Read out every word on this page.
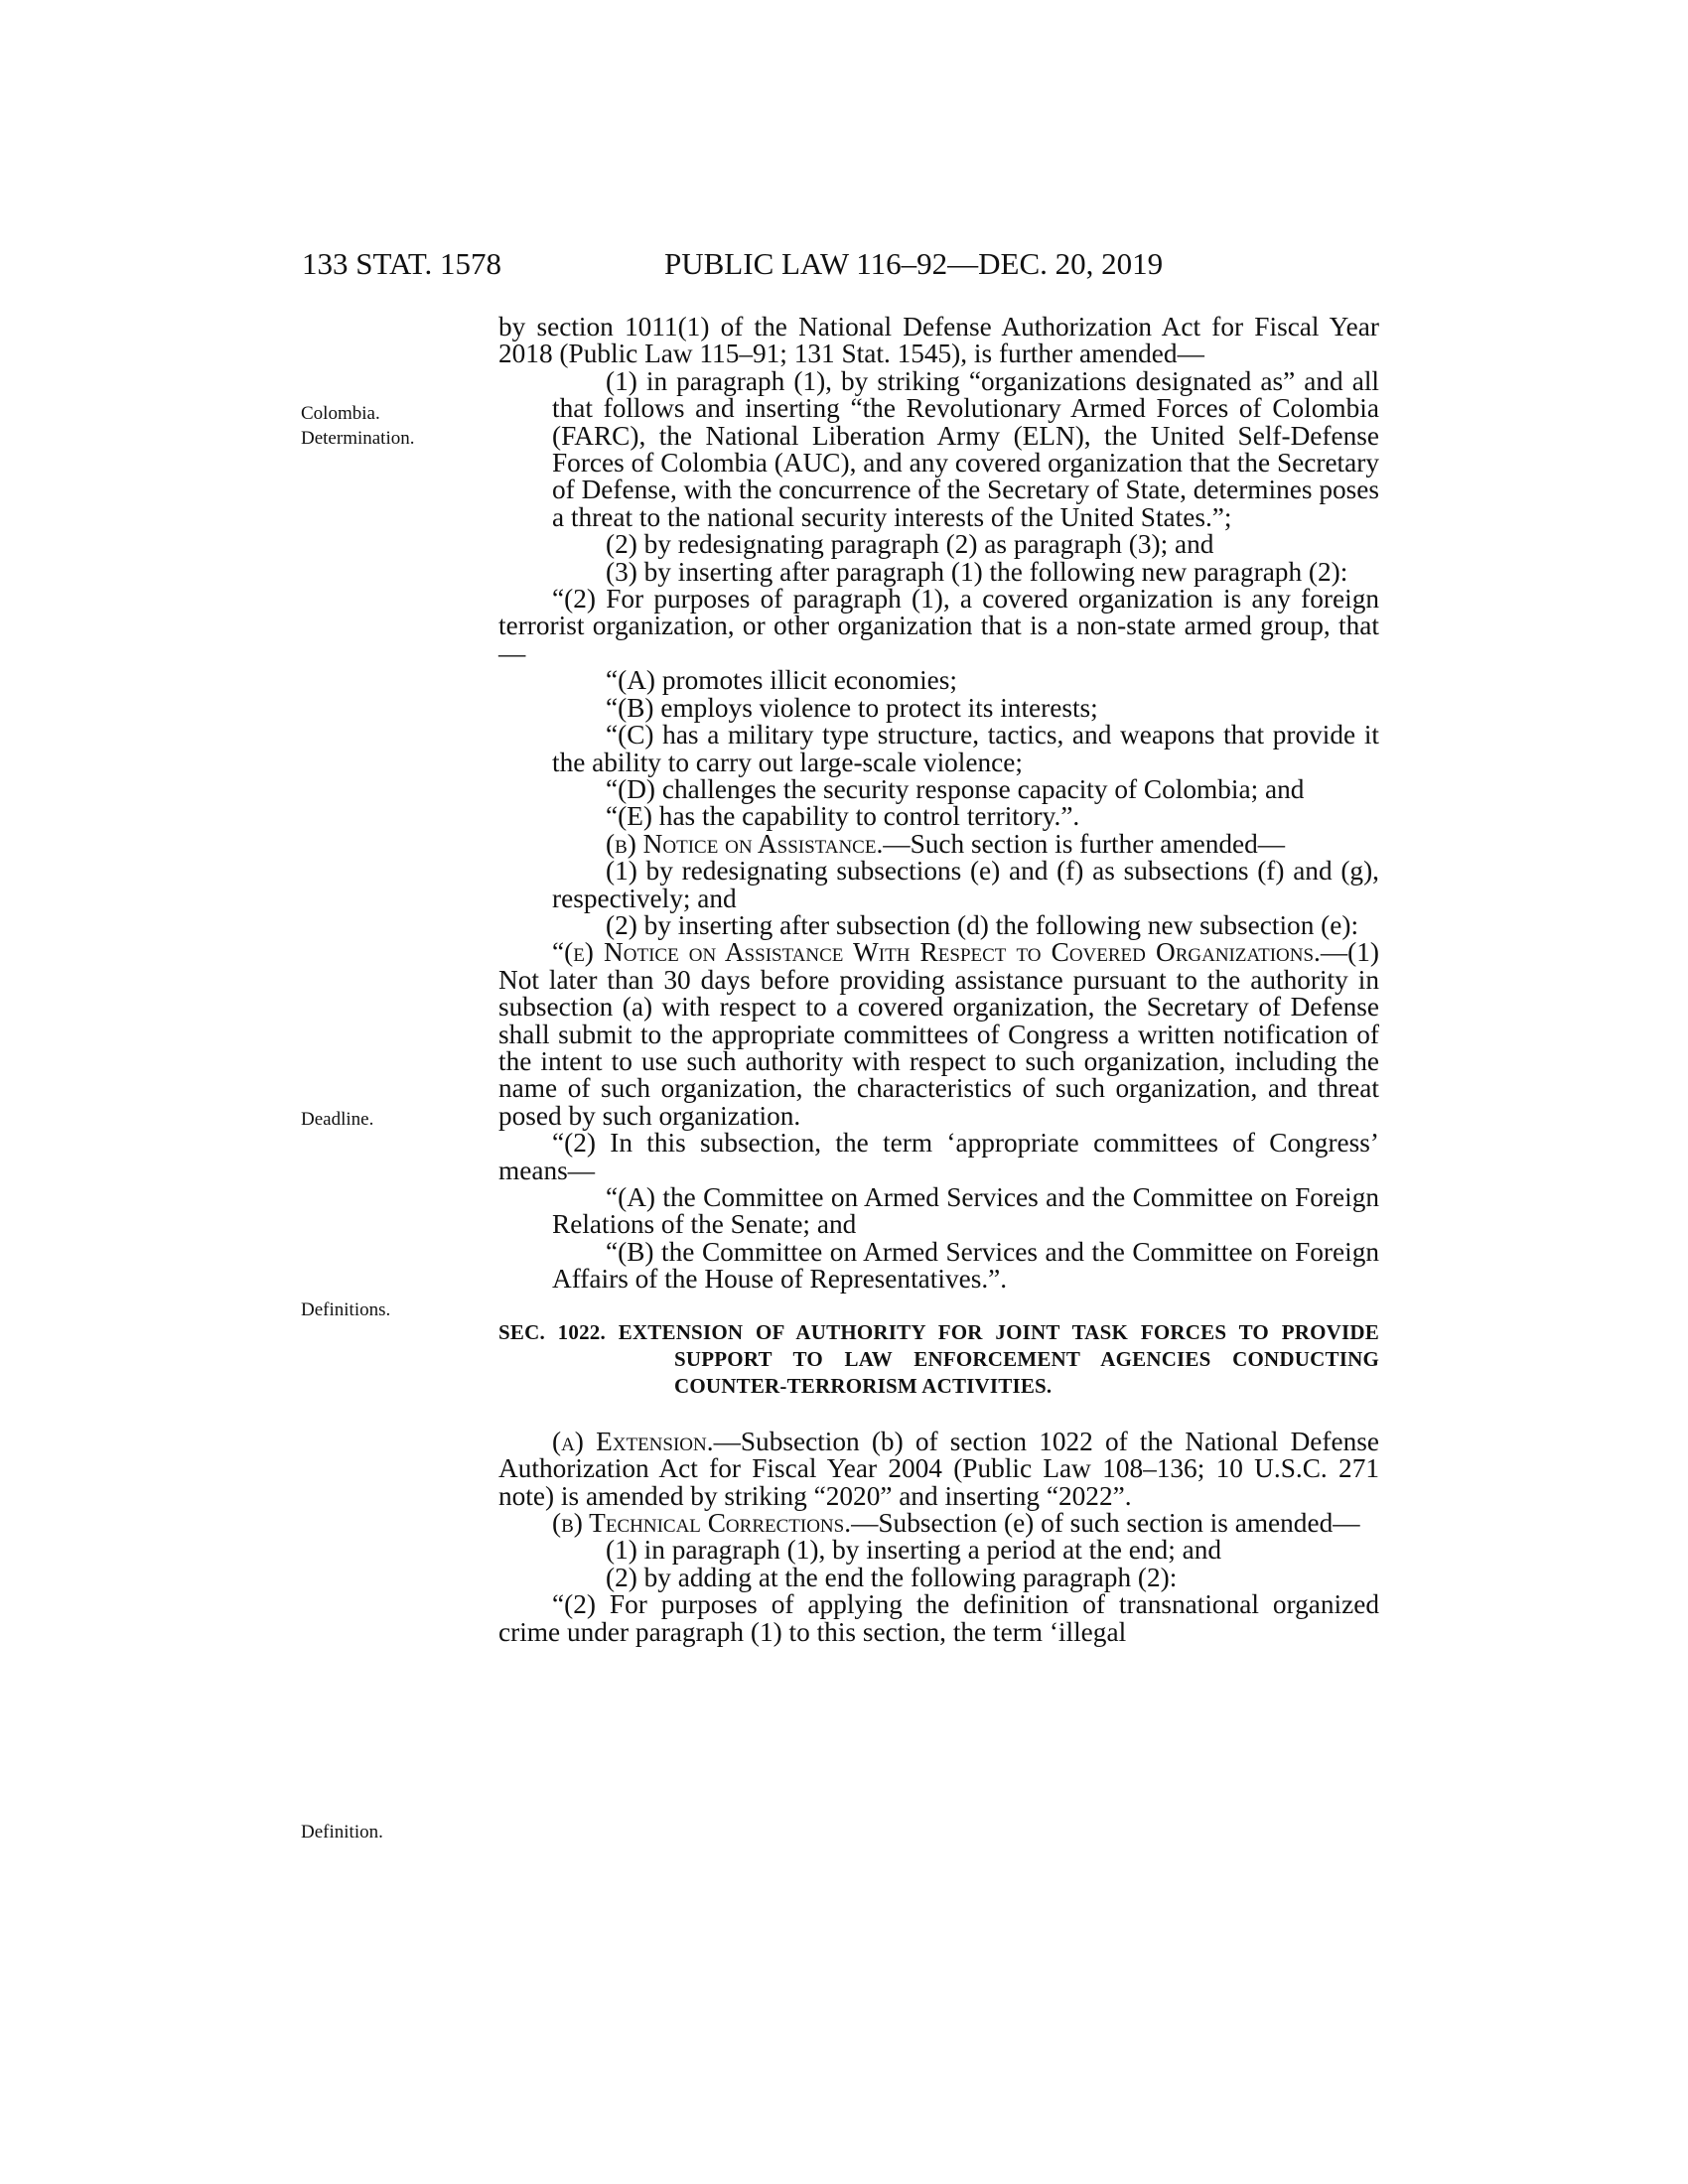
133 STAT. 1578	PUBLIC LAW 116–92—DEC. 20, 2019
Colombia.
Determination.
Deadline.
Definitions.
Definition.

by section 1011(1) of the National Defense Authorization Act for Fiscal Year 2018 (Public Law 115–91; 131 Stat. 1545), is further amended—

(1) in paragraph (1), by striking “organizations designated as” and all that follows and inserting “the Revolutionary Armed Forces of Colombia (FARC), the National Liberation Army (ELN), the United Self-Defense Forces of Colombia (AUC), and any covered organization that the Secretary of Defense, with the concurrence of the Secretary of State, determines poses a threat to the national security interests of the United States.”;

(2) by redesignating paragraph (2) as paragraph (3); and

(3) by inserting after paragraph (1) the following new paragraph (2):

“(2) For purposes of paragraph (1), a covered organization is any foreign terrorist organization, or other organization that is a non-state armed group, that—

“(A) promotes illicit economies;

“(B) employs violence to protect its interests;

“(C) has a military type structure, tactics, and weapons that provide it the ability to carry out large-scale violence;

“(D) challenges the security response capacity of Colombia; and

“(E) has the capability to control territory.”.

(b) Notice on Assistance.—Such section is further amended—

(1) by redesignating subsections (e) and (f) as subsections (f) and (g), respectively; and

(2) by inserting after subsection (d) the following new subsection (e):

“(e) Notice on Assistance With Respect to Covered Organizations.—(1) Not later than 30 days before providing assistance pursuant to the authority in subsection (a) with respect to a covered organization, the Secretary of Defense shall submit to the appropriate committees of Congress a written notification of the intent to use such authority with respect to such organization, including the name of such organization, the characteristics of such organization, and threat posed by such organization.

“(2) In this subsection, the term ‘appropriate committees of Congress’ means—

“(A) the Committee on Armed Services and the Committee on Foreign Relations of the Senate; and

“(B) the Committee on Armed Services and the Committee on Foreign Affairs of the House of Representatives.”.

SEC. 1022. EXTENSION OF AUTHORITY FOR JOINT TASK FORCES TO PROVIDE SUPPORT TO LAW ENFORCEMENT AGENCIES CONDUCTING COUNTER-TERRORISM ACTIVITIES.

(a) Extension.—Subsection (b) of section 1022 of the National Defense Authorization Act for Fiscal Year 2004 (Public Law 108–136; 10 U.S.C. 271 note) is amended by striking “2020” and inserting “2022”.

(b) Technical Corrections.—Subsection (e) of such section is amended—

(1) in paragraph (1), by inserting a period at the end; and

(2) by adding at the end the following paragraph (2):

“(2) For purposes of applying the definition of transnational organized crime under paragraph (1) to this section, the term ‘illegal
